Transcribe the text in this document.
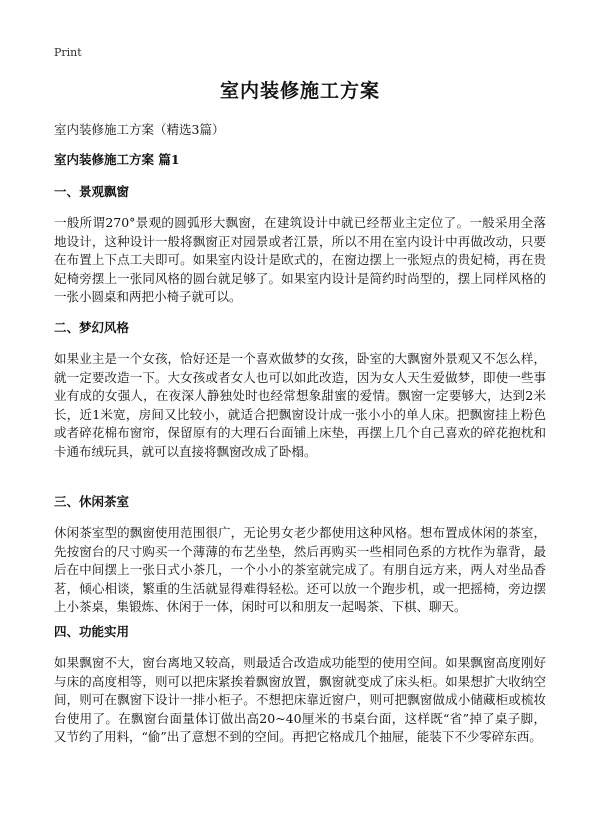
Print
室内装修施工方案
室内装修施工方案（精选3篇）
室内装修施工方案 篇1
一、景观飘窗

一般所谓270°景观的圆弧形大飘窗，在建筑设计中就已经帮业主定位了。一般采用全落地设计，这种设计一般将飘窗正对园景或者江景，所以不用在室内设计中再做改动，只要在布置上下点工夫即可。如果室内设计是欧式的，在窗边摆上一张短点的贵妃椅，再在贵妃椅旁摆上一张同风格的圆台就足够了。如果室内设计是简约时尚型的，摆上同样风格的一张小圆桌和两把小椅子就可以。

二、梦幻风格

如果业主是一个女孩，恰好还是一个喜欢做梦的女孩，卧室的大飘窗外景观又不怎么样，就一定要改造一下。大女孩或者女人也可以如此改造，因为女人天生爱做梦，即使一些事业有成的女强人，在夜深人静独处时也经常想象甜蜜的爱情。飘窗一定要够大，达到2米长，近1米宽，房间又比较小，就适合把飘窗设计成一张小小的单人床。把飘窗挂上粉色或者碎花棉布窗帘，保留原有的大理石台面铺上床垫，再摆上几个自己喜欢的碎花抱枕和卡通布绒玩具，就可以直接将飘窗改成了卧榻。

三、休闲茶室

休闲茶室型的飘窗使用范围很广，无论男女老少都使用这种风格。想布置成休闲的茶室，先按窗台的尺寸购买一个薄薄的布艺坐垫，然后再购买一些相同色系的方枕作为靠背，最后在中间摆上一张日式小茶几，一个小小的茶室就完成了。有朋自远方来，两人对坐品香茗，倾心相谈，繁重的生活就显得难得轻松。还可以放一个跑步机，或一把摇椅，旁边摆上小茶桌，集锻炼、休闲于一体，闲时可以和朋友一起喝茶、下棋、聊天。

四、功能实用

如果飘窗不大，窗台离地又较高，则最适合改造成功能型的使用空间。如果飘窗高度刚好与床的高度相等，则可以把床紧挨着飘窗放置，飘窗就变成了床头柜。如果想扩大收纳空间，则可在飘窗下设计一排小柜子。不想把床靠近窗户，则可把飘窗做成小储藏柜或梳妆台使用了。在飘窗台面量体订做出高20~40厘米的书桌台面，这样既“省”掉了桌子脚，又节约了用料，“偷”出了意想不到的空间。再把它格成几个抽屉，能装下不少零碎东西。
